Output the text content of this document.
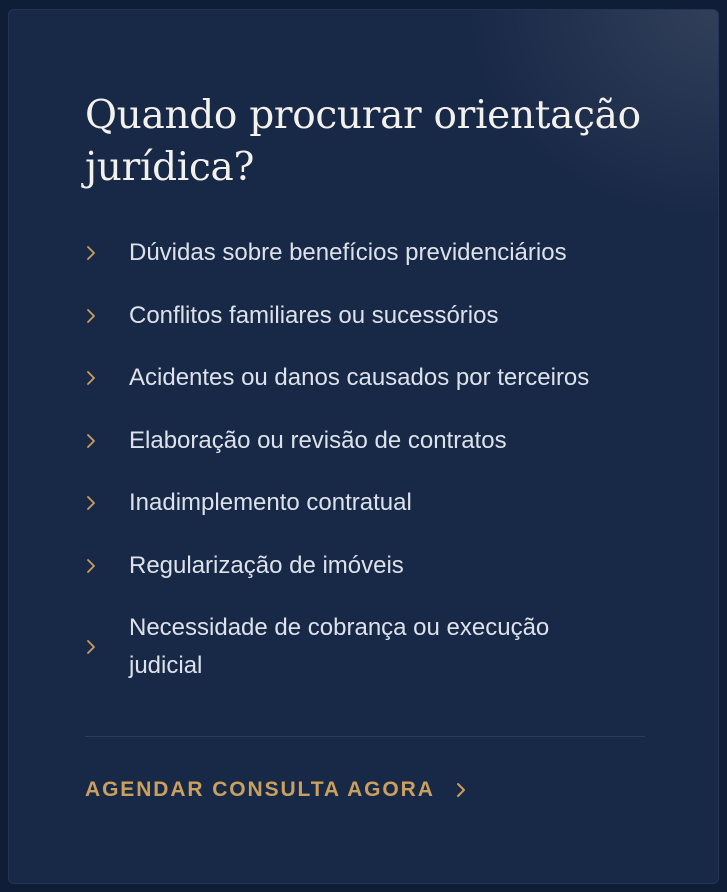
Quando procurar orientação jurídica?
Dúvidas sobre benefícios previdenciários
Conflitos familiares ou sucessórios
Acidentes ou danos causados por terceiros
Elaboração ou revisão de contratos
Inadimplemento contratual
Regularização de imóveis
Necessidade de cobrança ou execução judicial
AGENDAR CONSULTA AGORA
